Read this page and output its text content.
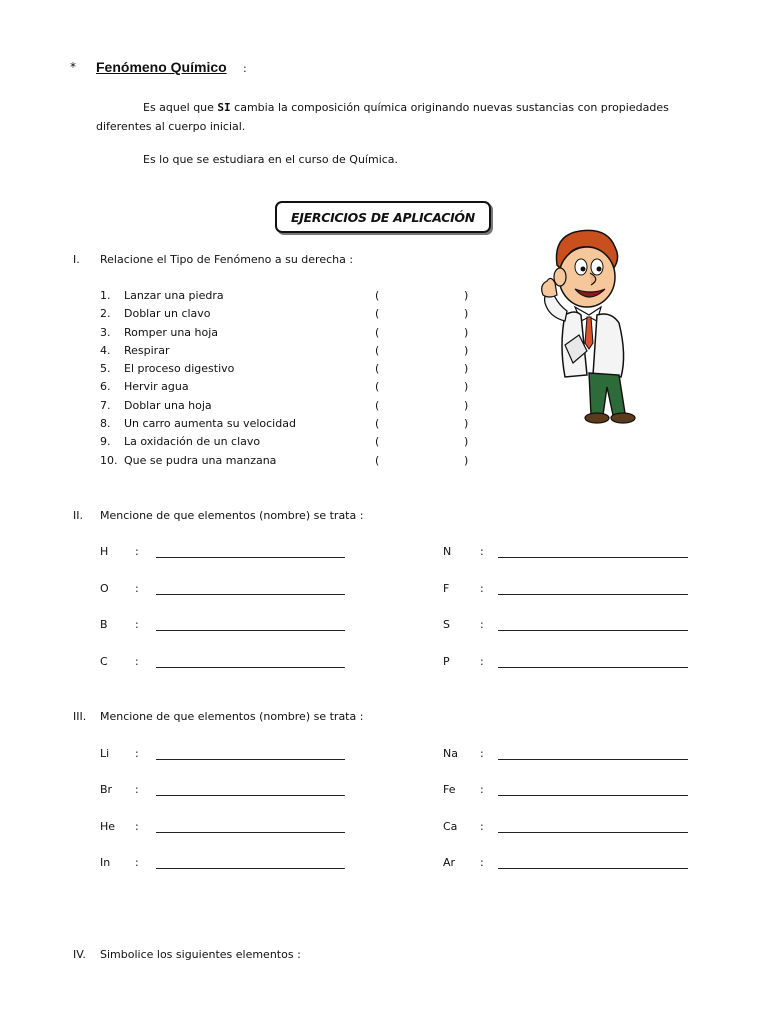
* Fenómeno Químico :
Es aquel que SI cambia la composición química originando nuevas sustancias con propiedades diferentes al cuerpo inicial.
Es lo que se estudiara en el curso de Química.
EJERCICIOS DE APLICACIÓN
I. Relacione el Tipo de Fenómeno a su derecha :
1.	Lanzar una piedra	(	)
2.	Doblar un clavo	(	)
3.	Romper una hoja	(	)
4.	Respirar	(	)
5.	El proceso digestivo	(	)
6.	Hervir agua	(	)
7.	Doblar una hoja	(	)
8.	Un carro aumenta su velocidad	(	)
9.	La oxidación de un clavo	(	)
10. Que se pudra una manzana	(	)
II. Mencione de que elementos (nombre) se trata :
H :	N	:
O :	F	:
B :	S	:
C :	P	:
III. Mencione de que elementos (nombre) se trata :
Li :	Na :
Br :	Fe :
He :	Ca :
In :	Ar :
IV. Simbolice los siguientes elementos :
